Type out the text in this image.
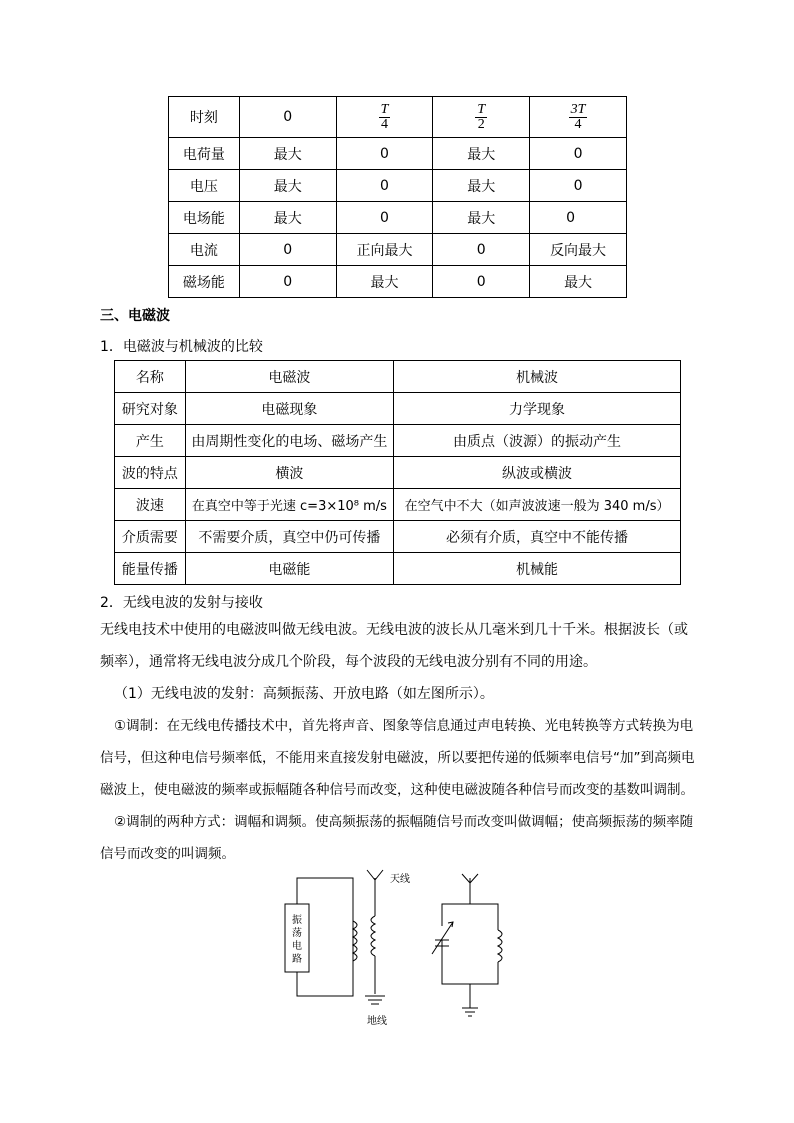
时刻	0	$\frac{T}{4}$	$\frac{T}{2}$	$\frac{3T}{4}$

电荷量	最大	0	最大	0
电压	最大	0	最大	0
电场能	最大	0	最大	0
电流	0	正向最大	0	反向最大
磁场能	0	最大	0	最大
三、电磁波
1．电磁波与机械波的比较
名称	电磁波	机械波
研究对象	电磁现象	力学现象
产生	由周期性变化的电场、磁场产生	由质点（波源）的振动产生
波的特点	横波	纵波或横波
波速	在真空中等于光速 c=3×10⁸ m/s	在空气中不大（如声波波速一般为 340 m/s）
介质需要	不需要介质，真空中仍可传播	必须有介质，真空中不能传播
能量传播	电磁能	机械能
2．无线电波的发射与接收

无线电技术中使用的电磁波叫做无线电波。无线电波的波长从几毫米到几十千米。根据波长（或频率），通常将无线电波分成几个阶段，每个波段的无线电波分别有不同的用途。

（1）无线电波的发射：高频振荡、开放电路（如左图所示）。

①调制：在无线电传播技术中，首先将声音、图象等信息通过声电转换、光电转换等方式转换为电信号，但这种电信号频率低，不能用来直接发射电磁波，所以要把传递的低频率电信号“加”到高频电磁波上，使电磁波的频率或振幅随各种信号而改变，这种使电磁波随各种信号而改变的基数叫调制。

②调制的两种方式：调幅和调频。使高频振荡的振幅随信号而改变叫做调幅；使高频振荡的频率随信号而改变的叫调频。

天线
地线
振
荡
电
路
